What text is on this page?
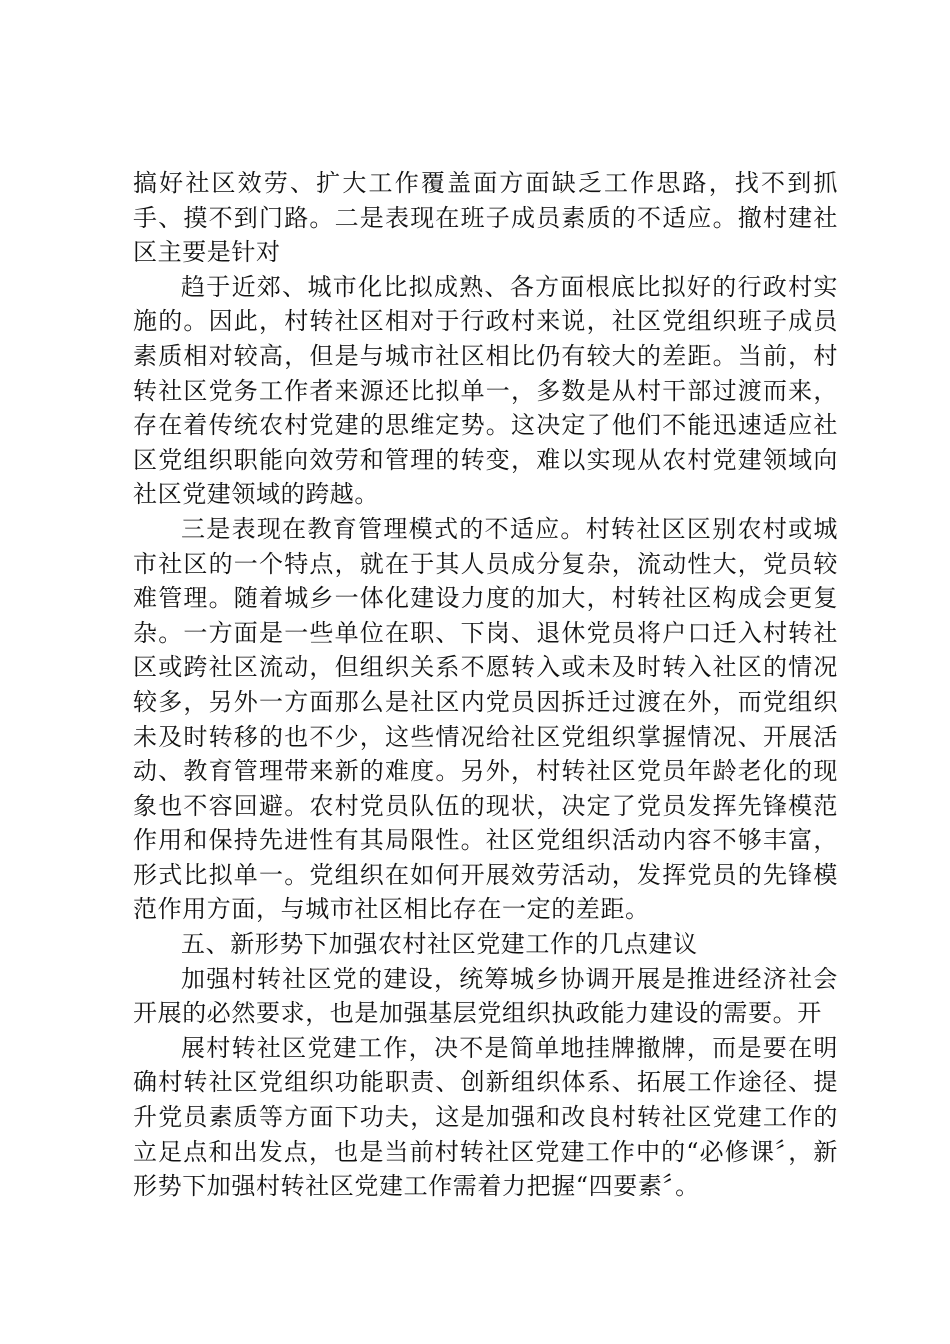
搞好社区效劳、扩大工作覆盖面方面缺乏工作思路，找不到抓手、摸不到门路。二是表现在班子成员素质的不适应。撤村建社区主要是针对

趋于近郊、城市化比拟成熟、各方面根底比拟好的行政村实施的。因此，村转社区相对于行政村来说，社区党组织班子成员素质相对较高，但是与城市社区相比仍有较大的差距。当前，村转社区党务工作者来源还比拟单一，多数是从村干部过渡而来，存在着传统农村党建的思维定势。这决定了他们不能迅速适应社区党组织职能向效劳和管理的转变，难以实现从农村党建领域向社区党建领域的跨越。

三是表现在教育管理模式的不适应。村转社区区别农村或城市社区的一个特点，就在于其人员成分复杂，流动性大，党员较难管理。随着城乡一体化建设力度的加大，村转社区构成会更复杂。一方面是一些单位在职、下岗、退休党员将户口迁入村转社区或跨社区流动，但组织关系不愿转入或未及时转入社区的情况较多，另外一方面那么是社区内党员因拆迁过渡在外，而党组织未及时转移的也不少，这些情况给社区党组织掌握情况、开展活动、教育管理带来新的难度。另外，村转社区党员年龄老化的现象也不容回避。农村党员队伍的现状，决定了党员发挥先锋模范作用和保持先进性有其局限性。社区党组织活动内容不够丰富，形式比拟单一。党组织在如何开展效劳活动，发挥党员的先锋模范作用方面，与城市社区相比存在一定的差距。

五、新形势下加强农村社区党建工作的几点建议

加强村转社区党的建设，统筹城乡协调开展是推进经济社会开展的必然要求，也是加强基层党组织执政能力建设的需要。开

展村转社区党建工作，决不是简单地挂牌撤牌，而是要在明确村转社区党组织功能职责、创新组织体系、拓展工作途径、提升党员素质等方面下功夫，这是加强和改良村转社区党建工作的立足点和出发点，也是当前村转社区党建工作中的“必修课〞，新形势下加强村转社区党建工作需着力把握“四要素〞。
